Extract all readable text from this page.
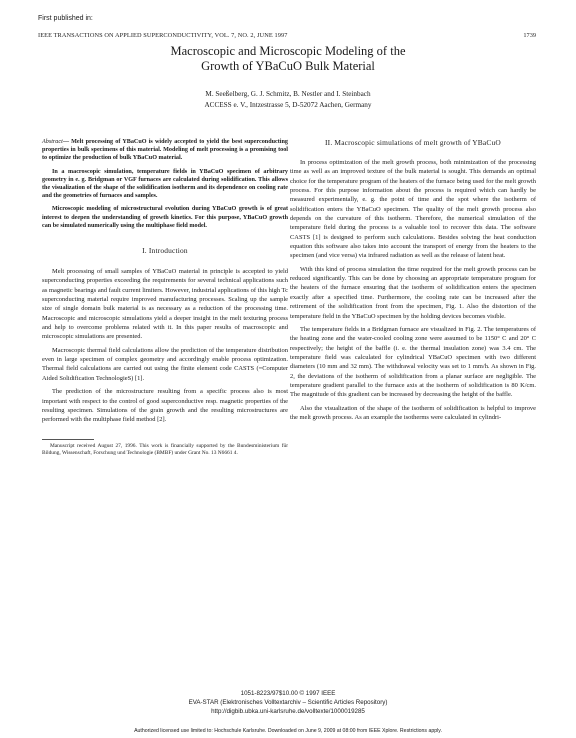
First published in:
IEEE TRANSACTIONS ON APPLIED SUPERCONDUCTIVITY, VOL. 7, NO. 2, JUNE 1997	1739
Macroscopic and Microscopic Modeling of the
Growth of YBaCuO Bulk Material
M. Seeßelberg, G. J. Schmitz, B. Nestler and I. Steinbach
ACCESS e. V., Intzestrasse 5, D-52072 Aachen, Germany

Abstract— Melt processing of YBaCuO is widely accepted to yield the best superconducting properties in bulk specimens of this material. Modeling of melt processing is a promising tool to optimize the production of bulk YBaCuO material.

In a macroscopic simulation, temperature fields in YBaCuO specimen of arbitrary geometry in e. g. Bridgman or VGF furnaces are calculated during solidification. This allows the visualization of the shape of the solidification isotherm and its dependence on cooling rate and the geometries of furnaces and samples.

Microscopic modeling of microstructural evolution during YBaCuO growth is of great interest to deepen the understanding of growth kinetics. For this purpose, YBaCuO growth can be simulated numerically using the multiphase field model.

I. Introduction

Melt processing of small samples of YBaCuO material in principle is accepted to yield superconducting properties exceeding the requirements for several technical applications such as magnetic bearings and fault current limiters. However, industrial applications of this high Tc superconducting material require improved manufacturing processes. Scaling up the sample size of single domain bulk material is as necessary as a reduction of the processing time. Macroscopic and microscopic simulations yield a deeper insight in the melt texturing process and help to overcome problems related with it. In this paper results of macroscopic and microscopic simulations are presented.

Macroscopic thermal field calculations allow the prediction of the temperature distribution even in large specimen of complex geometry and accordingly enable process optimization. Thermal field calculations are carried out using the finite element code CASTS (=Computer Aided Solidification TechnologieS) [1].

The prediction of the microstructure resulting from a specific process also is most important with respect to the control of good superconductive resp. magnetic properties of the resulting specimen. Simulations of the grain growth and the resulting microstructures are performed with the multiphase field method [2].

Manuscript received August 27, 1996. This work is financially supported by the Bundesministerium für Bildung, Wissenschaft, Forschung und Technologie (BMBF) under Grant No. 13 N6661 4.

II. Macroscopic simulations of melt growth of YBaCuO

In process optimization of the melt growth process, both minimization of the processing time as well as an improved texture of the bulk material is sought. This demands an optimal choice for the temperature program of the heaters of the furnace being used for the melt growth process. For this purpose information about the process is required which can hardly be measured experimentally, e. g. the point of time and the spot where the isotherm of solidification enters the YBaCuO specimen. The quality of the melt growth process also depends on the curvature of this isotherm. Therefore, the numerical simulation of the temperature field during the process is a valuable tool to recover this data. The software CASTS [1] is designed to perform such calculations. Besides solving the heat conduction equation this software also takes into account the transport of energy from the heaters to the specimen (and vice versa) via infrared radiation as well as the release of latent heat.

With this kind of process simulation the time required for the melt growth process can be reduced significantly. This can be done by choosing an appropriate temperature program for the heaters of the furnace ensuring that the isotherm of solidification enters the specimen exactly after a specified time. Furthermore, the cooling rate can be increased after the retirement of the solidification front from the specimen, Fig. 1. Also the distortion of the temperature field in the YBaCuO specimen by the holding devices becomes visible.

The temperature fields in a Bridgman furnace are visualized in Fig. 2. The temperatures of the heating zone and the water-cooled cooling zone were assumed to be 1150° C and 20° C respectively; the height of the baffle (i. e. the thermal insulation zone) was 3.4 cm. The temperature field was calculated for cylindrical YBaCuO specimen with two different diameters (10 mm and 32 mm). The withdrawal velocity was set to 1 mm/h. As shown in Fig. 2, the deviations of the isotherm of solidification from a planar surface are negligible. The temperature gradient parallel to the furnace axis at the isotherm of solidification is 80 K/cm. The magnitude of this gradient can be increased by decreasing the height of the baffle.

Also the visualization of the shape of the isotherm of solidification is helpful to improve the melt growth process. As an example the isotherms were calculated in cylindri-

1051-8223/97$10.00 © 1997 IEEE
EVA-STAR (Elektronisches Volltextarchiv – Scientific Articles Repository)
http://digbib.ubka.uni-karlsruhe.de/volltexte/1000019285
Authorized licensed use limited to: Hochschule Karlsruhe. Downloaded on June 9, 2009 at 08:00 from IEEE Xplore. Restrictions apply.
